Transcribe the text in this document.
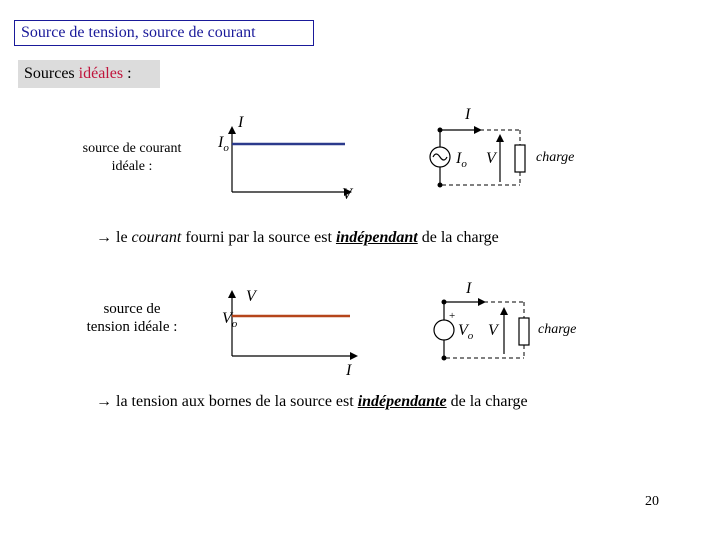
Source de tension, source de courant
Sources idéales :
source de courant
idéale :
I
$I_o$
V
I
$I_o$ V	charge
→ le courant fourni par la source est indépendant de la charge
source de
tension idéale :
V
$V_o$
I
I
+
$V_o$ V	charge
→ la tension aux bornes de la source est indépendante de la charge
20
